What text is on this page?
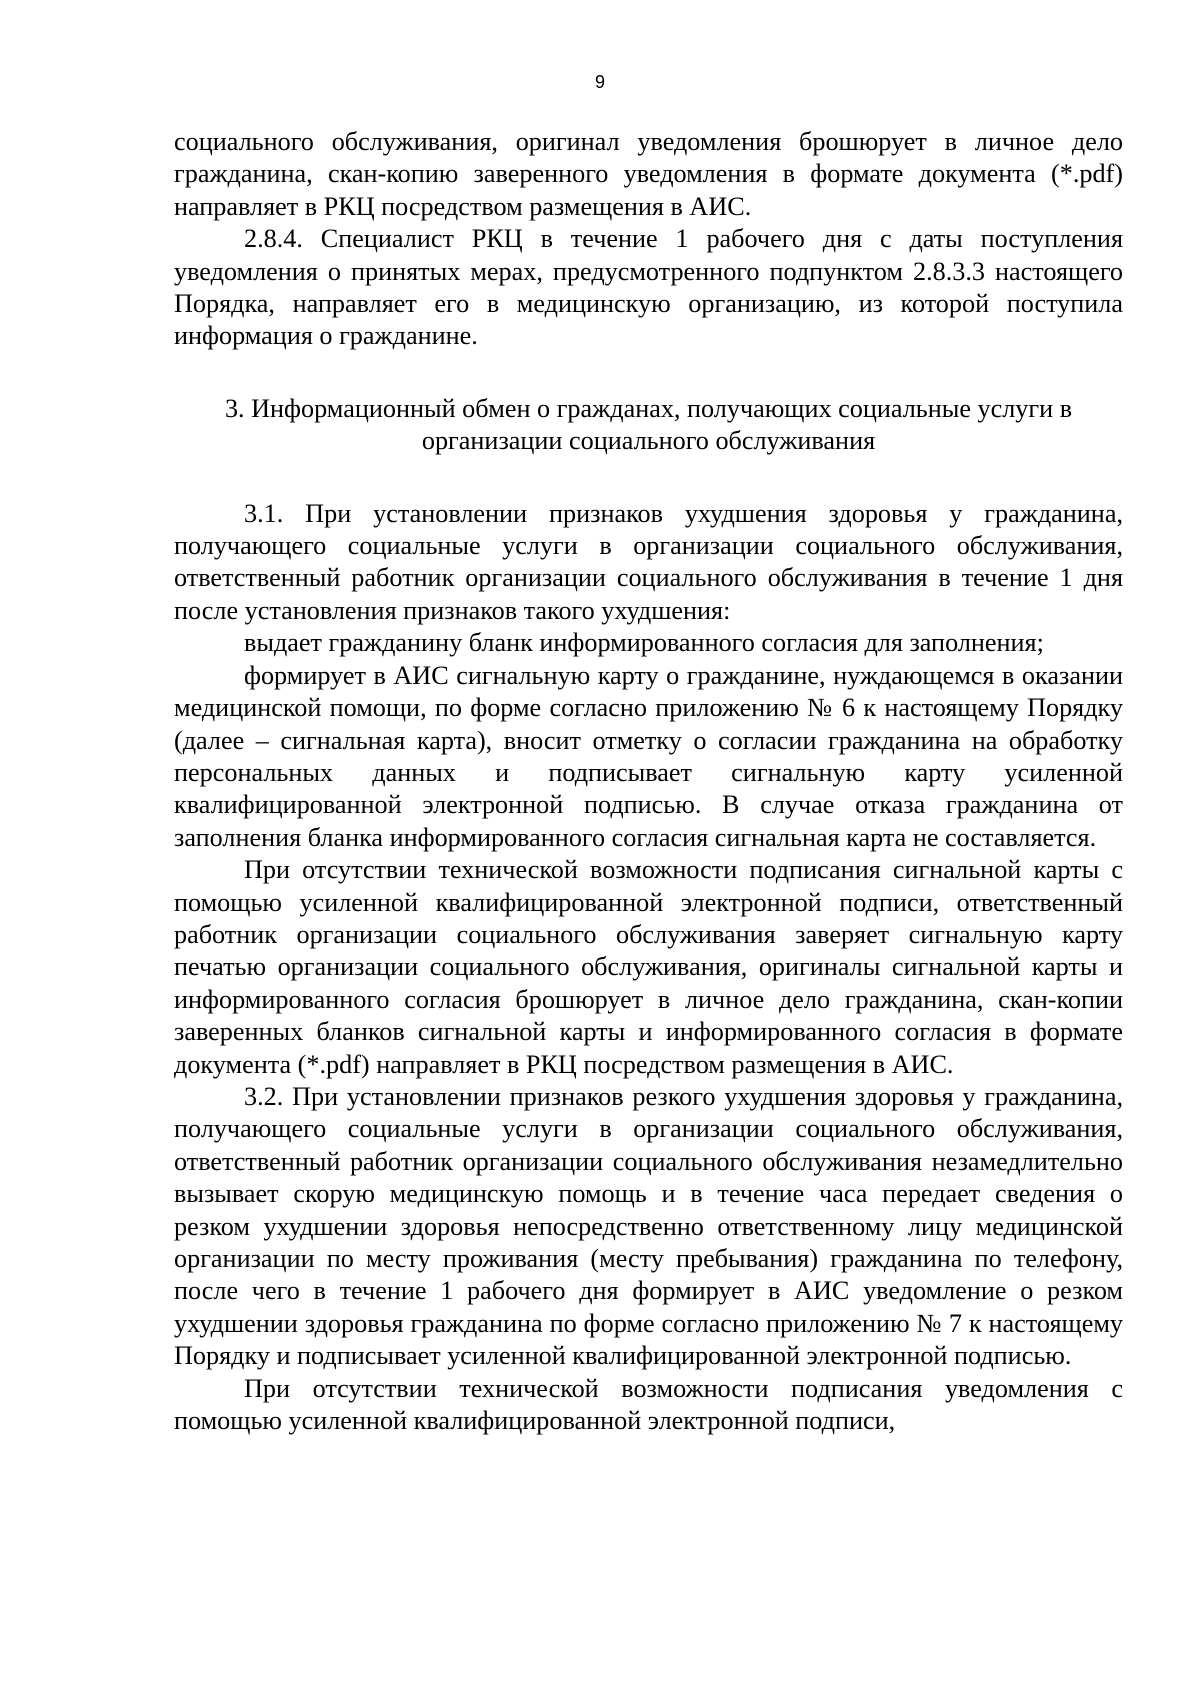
9

социального обслуживания, оригинал уведомления брошюрует в личное дело гражданина, скан-копию заверенного уведомления в формате документа (*.pdf) направляет в РКЦ посредством размещения в АИС.

2.8.4. Специалист РКЦ в течение 1 рабочего дня с даты поступления уведомления о принятых мерах, предусмотренного подпунктом 2.8.3.3 настоящего Порядка, направляет его в медицинскую организацию, из которой поступила информация о гражданине.

3. Информационный обмен о гражданах, получающих социальные услуги в

организации социального обслуживания

3.1. При установлении признаков ухудшения здоровья у гражданина, получающего социальные услуги в организации социального обслуживания, ответственный работник организации социального обслуживания в течение 1 дня после установления признаков такого ухудшения:

выдает гражданину бланк информированного согласия для заполнения;

формирует в АИС сигнальную карту о гражданине, нуждающемся в оказании медицинской помощи, по форме согласно приложению № 6 к настоящему Порядку (далее – сигнальная карта), вносит отметку о согласии гражданина на обработку персональных данных и подписывает сигнальную карту усиленной квалифицированной электронной подписью. В случае отказа гражданина от заполнения бланка информированного согласия сигнальная карта не составляется.

При отсутствии технической возможности подписания сигнальной карты с помощью усиленной квалифицированной электронной подписи, ответственный работник организации социального обслуживания заверяет сигнальную карту печатью организации социального обслуживания, оригиналы сигнальной карты и информированного согласия брошюрует в личное дело гражданина, скан-копии заверенных бланков сигнальной карты и информированного согласия в формате документа (*.pdf) направляет в РКЦ посредством размещения в АИС.

3.2. При установлении признаков резкого ухудшения здоровья у гражданина, получающего социальные услуги в организации социального обслуживания, ответственный работник организации социального обслуживания незамедлительно вызывает скорую медицинскую помощь и в течение часа передает сведения о резком ухудшении здоровья непосредственно ответственному лицу медицинской организации по месту проживания (месту пребывания) гражданина по телефону, после чего в течение 1 рабочего дня формирует в АИС уведомление о резком ухудшении здоровья гражданина по форме согласно приложению № 7 к настоящему Порядку и подписывает усиленной квалифицированной электронной подписью.

При отсутствии технической возможности подписания уведомления с помощью усиленной квалифицированной электронной подписи,
